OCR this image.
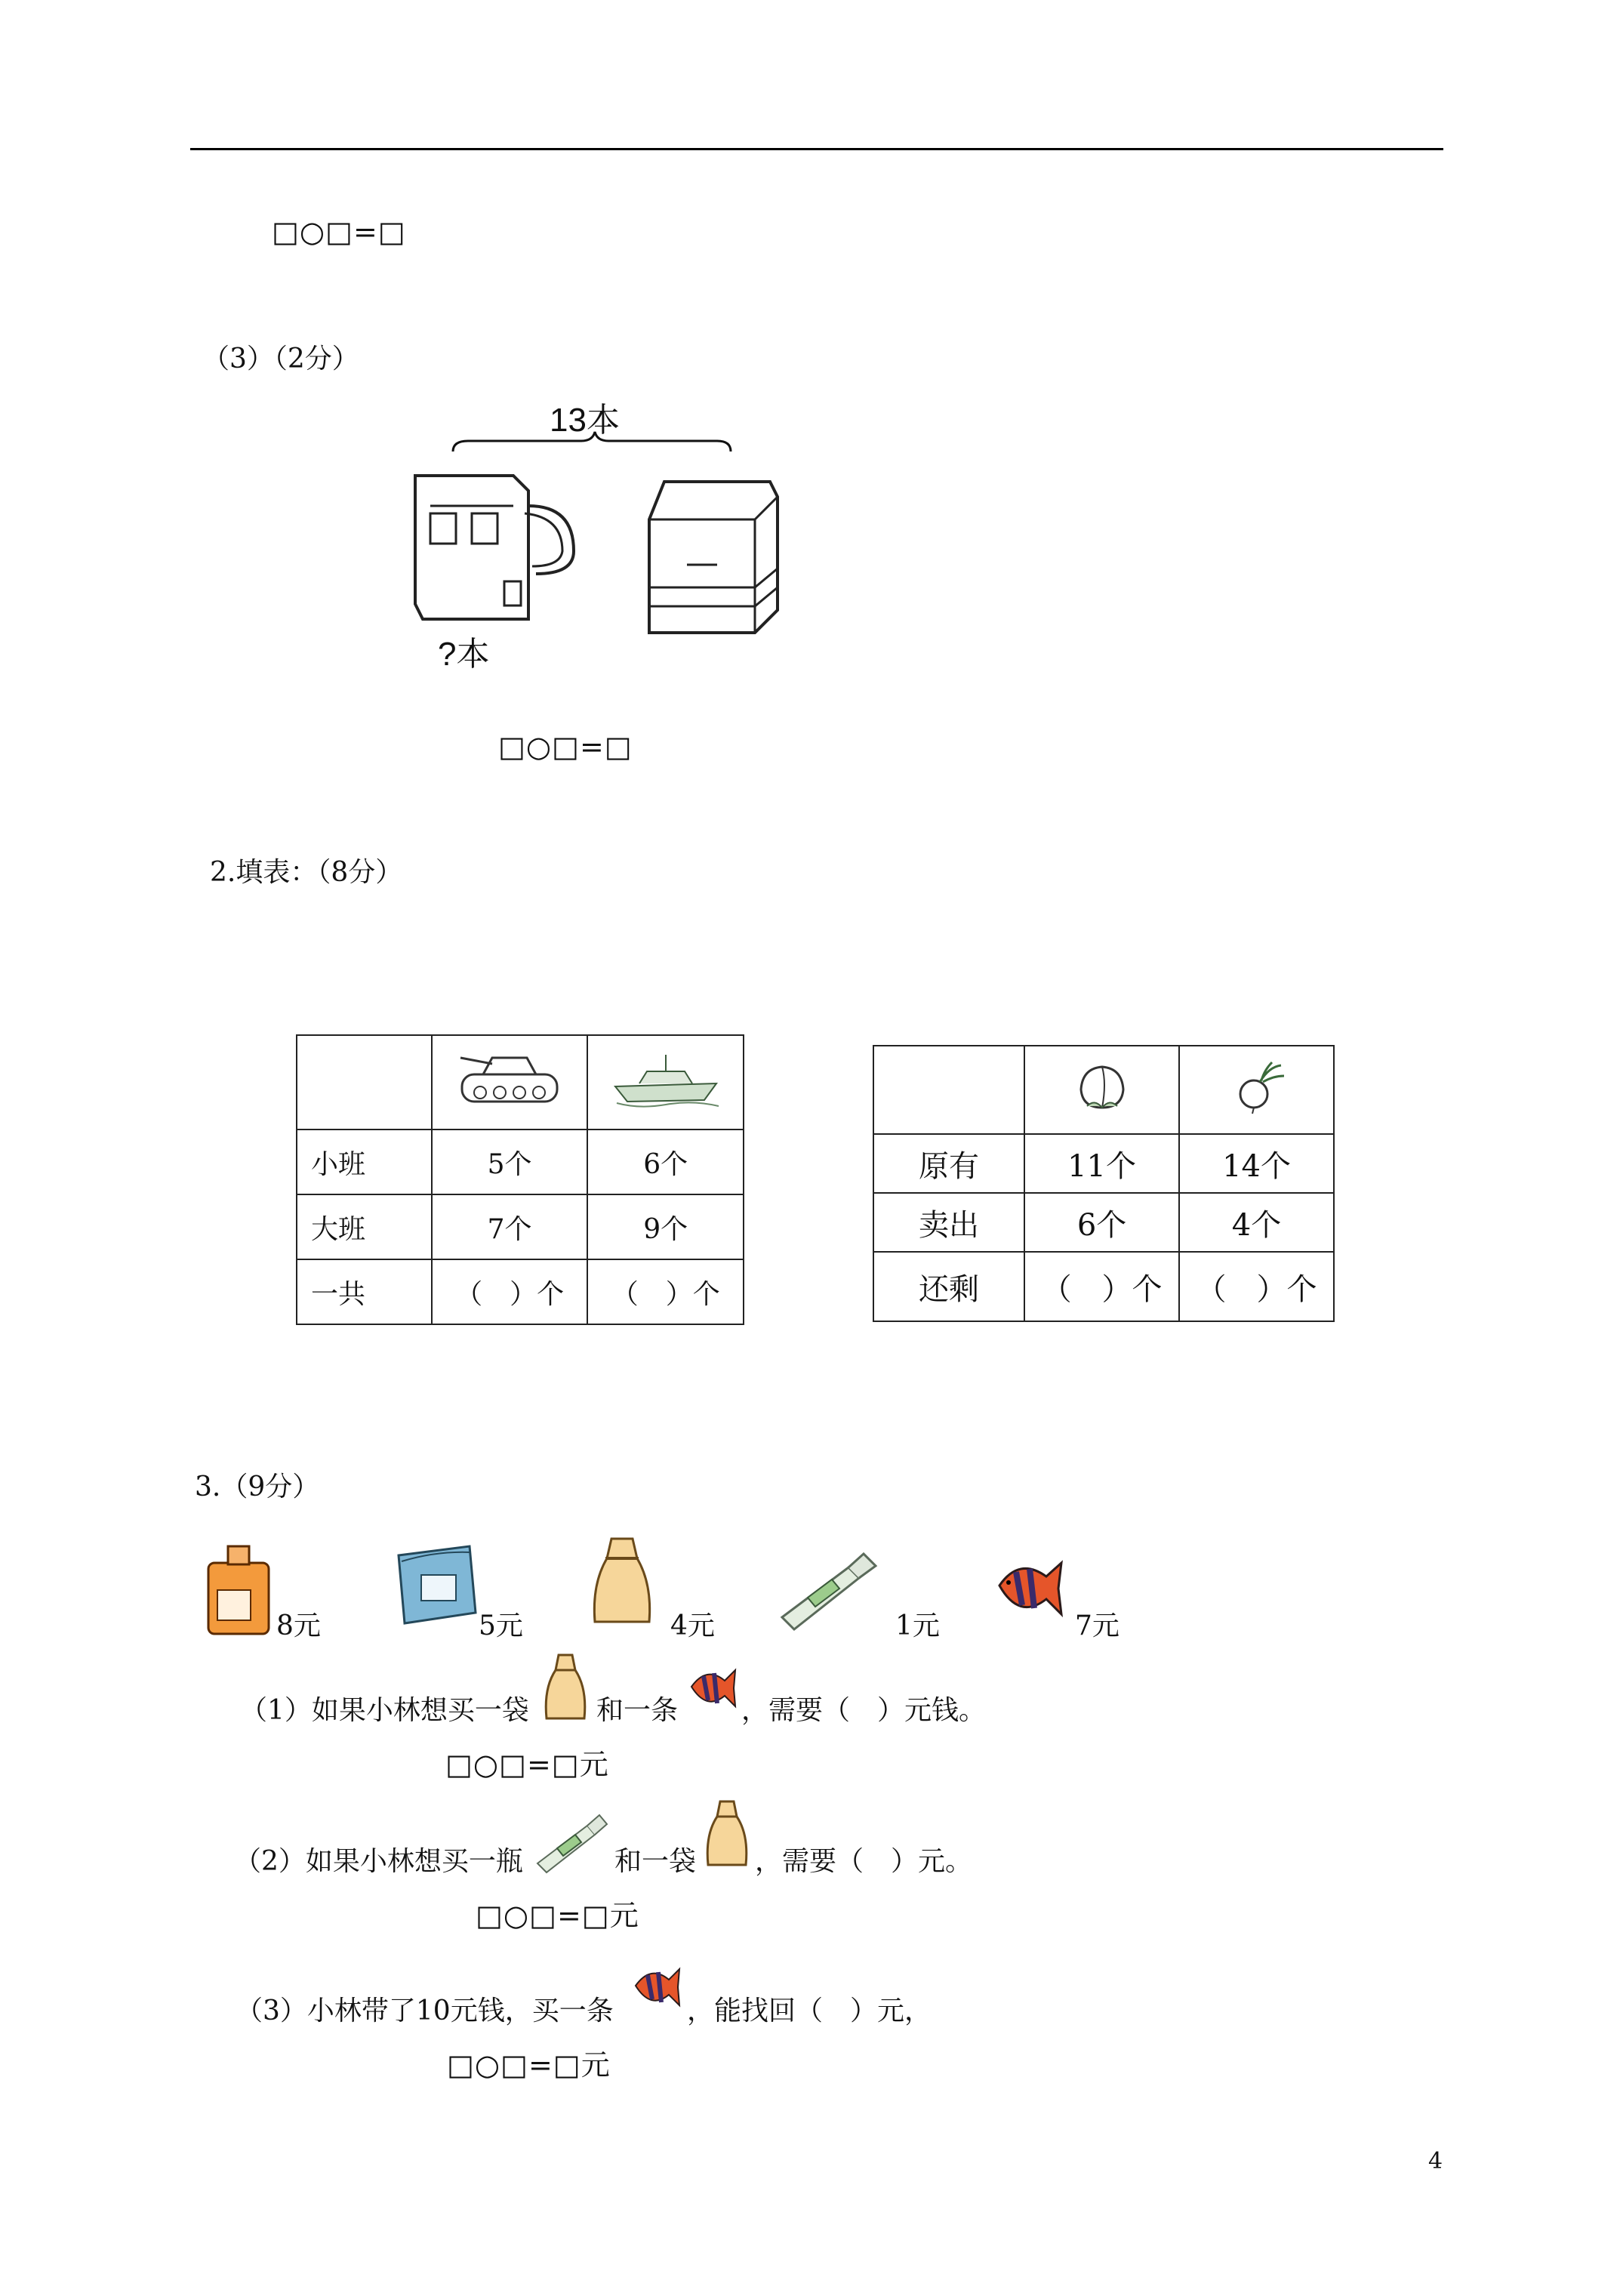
□○□=□
（3）（2分）
13本
?本
□○□=□
2.填表：（8分）

小班	5个	6个
大班	7个	9个
一共	（　）个	（　）个

原有	11个	14个
卖出	6个	4个
还剩	（　）个	（　）个
3.（9分）
8元	5元	4元	1元	7元
（1）如果小林想买一袋 和一条 ，需要（　）元钱。
□○□=□元
（2）如果小林想买一瓶	和一袋 ，需要（　）元。
□○□=□元
（3）小林带了10元钱，买一条	，能找回（　）元，
□○□=□元
4
